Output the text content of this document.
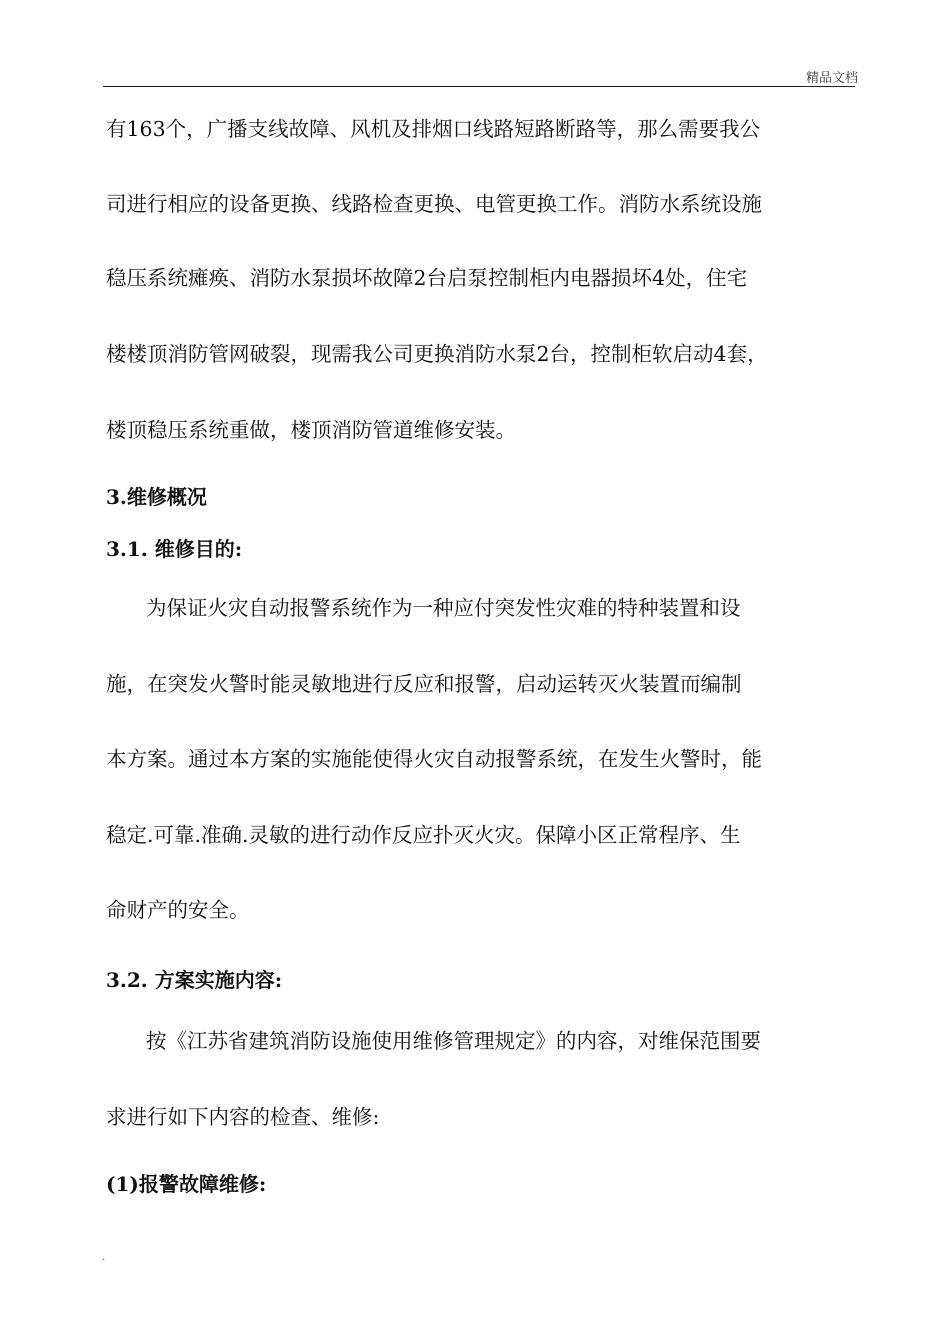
精品文档

有163个，广播支线故障、风机及排烟口线路短路断路等，那么需要我公

司进行相应的设备更换、线路检查更换、电管更换工作。消防水系统设施

稳压系统瘫痪、消防水泵损坏故障2台启泵控制柜内电器损坏4处，住宅

楼楼顶消防管网破裂，现需我公司更换消防水泵2台，控制柜软启动4套，

楼顶稳压系统重做，楼顶消防管道维修安装。

3.维修概况
3.1. 维修目的:

为保证火灾自动报警系统作为一种应付突发性灾难的特种装置和设

施，在突发火警时能灵敏地进行反应和报警，启动运转灭火装置而编制

本方案。通过本方案的实施能使得火灾自动报警系统，在发生火警时，能

稳定.可靠.准确.灵敏的进行动作反应扑灭火灾。保障小区正常程序、生

命财产的安全。

3.2. 方案实施内容:

按《江苏省建筑消防设施使用维修管理规定》的内容，对维保范围要

求进行如下内容的检查、维修:

(1)报警故障维修:
.
